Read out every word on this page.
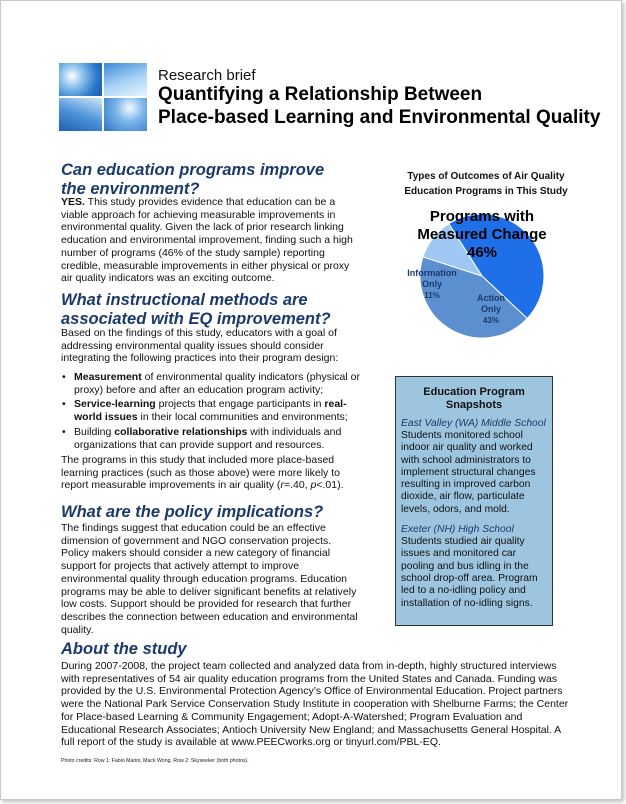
Research brief
Quantifying a Relationship Between
Place-based Learning and Environmental Quality
Can education programs improve
the environment?

YES. This study provides evidence that education can be a viable approach for achieving measurable improvements in environmental quality. Given the lack of prior research linking education and environmental improvement, finding such a high number of programs (46% of the study sample) reporting credible, measurable improvements in either physical or proxy air quality indicators was an exciting outcome.

What instructional methods are
associated with EQ improvement?

Based on the findings of this study, educators with a goal of addressing environmental quality issues should consider integrating the following practices into their program design:

• Measurement of environmental quality indicators (physical or proxy) before and after an education program activity;
• Service-learning projects that engage participants in real-world issues in their local communities and environments;
• Building collaborative relationships with individuals and organizations that can provide support and resources.

The programs in this study that included more place-based learning practices (such as those above) were more likely to report measurable improvements in air quality (r=.40, p<.01).

What are the policy implications?

The findings suggest that education could be an effective dimension of government and NGO conservation projects. Policy makers should consider a new category of financial support for projects that actively attempt to improve environmental quality through education programs. Education programs may be able to deliver significant benefits at relatively low costs. Support should be provided for research that further describes the connection between education and environmental quality.

About the study

During 2007-2008, the project team collected and analyzed data from in-depth, highly structured interviews with representatives of 54 air quality education programs from the United States and Canada. Funding was provided by the U.S. Environmental Protection Agency’s Office of Environmental Education. Project partners were the National Park Service Conservation Study Institute in cooperation with Shelburne Farms; the Center for Place-based Learning & Community Engagement; Adopt-A-Watershed; Program Evaluation and Educational Research Associates; Antioch University New England; and Massachusetts General Hospital. A full report of the study is available at www.PEECworks.org or tinyurl.com/PBL-EQ.

Photo credits: Row 1: Fabio Marini, Mack Wong. Row 2: Skyseeker (both photos).
Types of Outcomes of Air Quality
Education Programs in This Study
Programs with
Measured Change
46%
Action
Only
43%
Information
Only
11%
Education Program
Snapshots
East Valley (WA) Middle School
Students monitored school indoor air quality and worked with school administrators to implement structural changes resulting in improved carbon dioxide, air flow, particulate levels, odors, and mold.
Exeter (NH) High School
Students studied air quality issues and monitored car pooling and bus idling in the school drop-off area. Program led to a no-idling policy and installation of no-idling signs.
